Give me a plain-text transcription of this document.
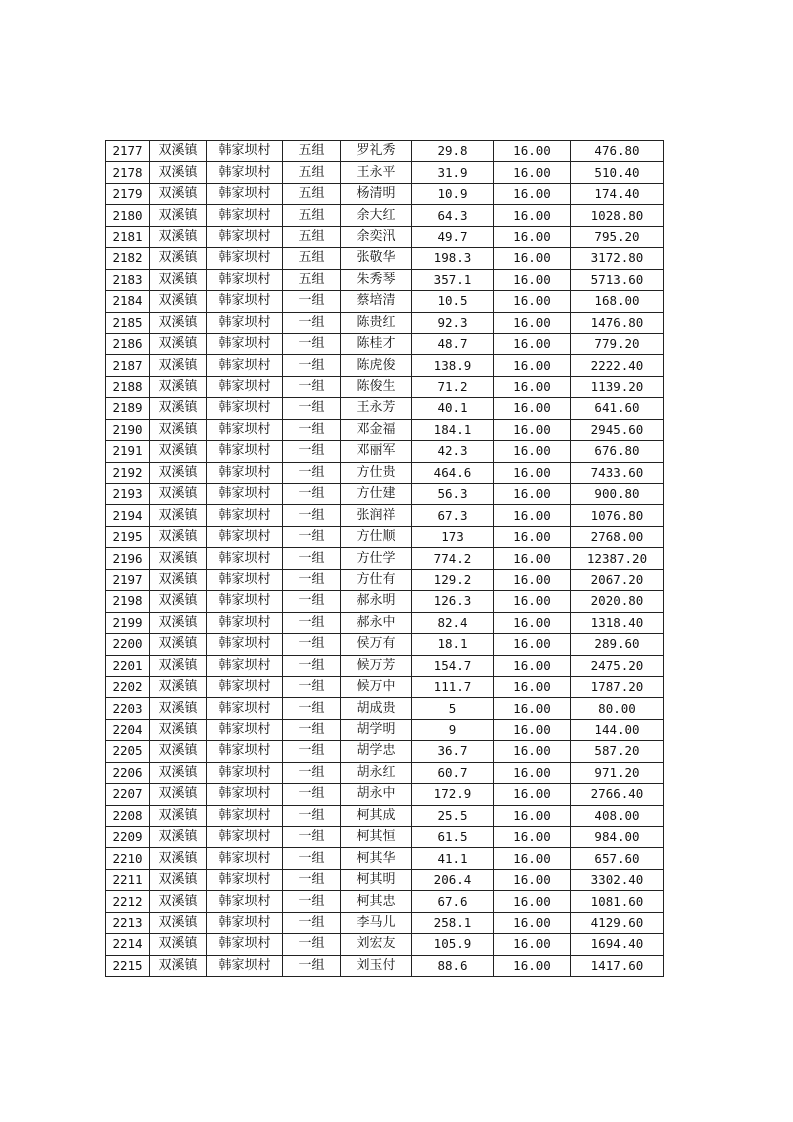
2177	双溪镇	韩家坝村	五组	罗礼秀	29.8	16.00	476.80
2178	双溪镇	韩家坝村	五组	王永平	31.9	16.00	510.40
2179	双溪镇	韩家坝村	五组	杨清明	10.9	16.00	174.40
2180	双溪镇	韩家坝村	五组	余大红	64.3	16.00	1028.80
2181	双溪镇	韩家坝村	五组	余奕汛	49.7	16.00	795.20
2182	双溪镇	韩家坝村	五组	张敬华	198.3	16.00	3172.80
2183	双溪镇	韩家坝村	五组	朱秀琴	357.1	16.00	5713.60
2184	双溪镇	韩家坝村	一组	蔡培清	10.5	16.00	168.00
2185	双溪镇	韩家坝村	一组	陈贵红	92.3	16.00	1476.80
2186	双溪镇	韩家坝村	一组	陈桂才	48.7	16.00	779.20
2187	双溪镇	韩家坝村	一组	陈虎俊	138.9	16.00	2222.40
2188	双溪镇	韩家坝村	一组	陈俊生	71.2	16.00	1139.20
2189	双溪镇	韩家坝村	一组	王永芳	40.1	16.00	641.60
2190	双溪镇	韩家坝村	一组	邓金福	184.1	16.00	2945.60
2191	双溪镇	韩家坝村	一组	邓丽军	42.3	16.00	676.80
2192	双溪镇	韩家坝村	一组	方仕贵	464.6	16.00	7433.60
2193	双溪镇	韩家坝村	一组	方仕建	56.3	16.00	900.80
2194	双溪镇	韩家坝村	一组	张润祥	67.3	16.00	1076.80
2195	双溪镇	韩家坝村	一组	方仕顺	173	16.00	2768.00
2196	双溪镇	韩家坝村	一组	方仕学	774.2	16.00	12387.20
2197	双溪镇	韩家坝村	一组	方仕有	129.2	16.00	2067.20
2198	双溪镇	韩家坝村	一组	郝永明	126.3	16.00	2020.80
2199	双溪镇	韩家坝村	一组	郝永中	82.4	16.00	1318.40
2200	双溪镇	韩家坝村	一组	侯万有	18.1	16.00	289.60
2201	双溪镇	韩家坝村	一组	候万芳	154.7	16.00	2475.20
2202	双溪镇	韩家坝村	一组	候万中	111.7	16.00	1787.20
2203	双溪镇	韩家坝村	一组	胡成贵	5	16.00	80.00
2204	双溪镇	韩家坝村	一组	胡学明	9	16.00	144.00
2205	双溪镇	韩家坝村	一组	胡学忠	36.7	16.00	587.20
2206	双溪镇	韩家坝村	一组	胡永红	60.7	16.00	971.20
2207	双溪镇	韩家坝村	一组	胡永中	172.9	16.00	2766.40
2208	双溪镇	韩家坝村	一组	柯其成	25.5	16.00	408.00
2209	双溪镇	韩家坝村	一组	柯其恒	61.5	16.00	984.00
2210	双溪镇	韩家坝村	一组	柯其华	41.1	16.00	657.60
2211	双溪镇	韩家坝村	一组	柯其明	206.4	16.00	3302.40
2212	双溪镇	韩家坝村	一组	柯其忠	67.6	16.00	1081.60
2213	双溪镇	韩家坝村	一组	李马儿	258.1	16.00	4129.60
2214	双溪镇	韩家坝村	一组	刘宏友	105.9	16.00	1694.40
2215	双溪镇	韩家坝村	一组	刘玉付	88.6	16.00	1417.60
